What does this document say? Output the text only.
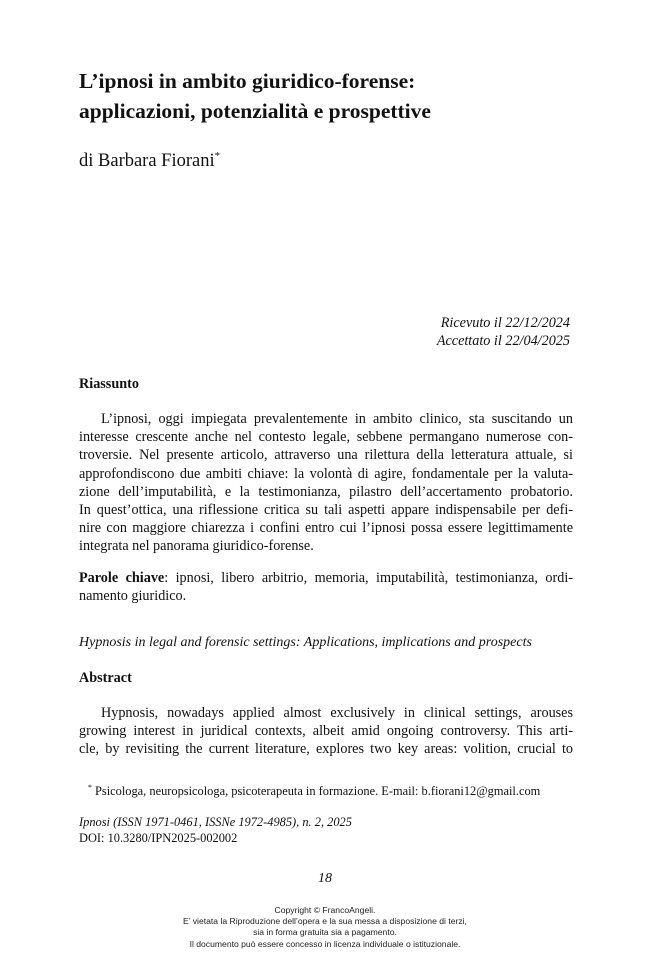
L’ipnosi in ambito giuridico-forense:
applicazioni, potenzialità e prospettive
di Barbara Fiorani*
Ricevuto il 22/12/2024
Accettato il 22/04/2025
Riassunto
L’ipnosi, oggi impiegata prevalentemente in ambito clinico, sta suscitando un
interesse crescente anche nel contesto legale, sebbene permangano numerose con-
troversie. Nel presente articolo, attraverso una rilettura della letteratura attuale, si
approfondiscono due ambiti chiave: la volontà di agire, fondamentale per la valuta-
zione dell’imputabilità, e la testimonianza, pilastro dell’accertamento probatorio.
In quest’ottica, una riflessione critica su tali aspetti appare indispensabile per defi-
nire con maggiore chiarezza i confini entro cui l’ipnosi possa essere legittimamente
integrata nel panorama giuridico-forense.
Parole chiave: ipnosi, libero arbitrio, memoria, imputabilità, testimonianza, ordi-
namento giuridico.
Hypnosis in legal and forensic settings: Applications, implications and prospects
Abstract
Hypnosis, nowadays applied almost exclusively in clinical settings, arouses
growing interest in juridical contexts, albeit amid ongoing controversy. This arti-
cle, by revisiting the current literature, explores two key areas: volition, crucial to
* Psicologa, neuropsicologa, psicoterapeuta in formazione. E-mail: b.fiorani12@gmail.com
Ipnosi (ISSN 1971-0461, ISSNe 1972-4985), n. 2, 2025
DOI: 10.3280/IPN2025-002002
18
Copyright © FrancoAngeli.
E’ vietata la Riproduzione dell’opera e la sua messa a disposizione di terzi,
sia in forma gratuita sia a pagamento.
Il documento può essere concesso in licenza individuale o istituzionale.
